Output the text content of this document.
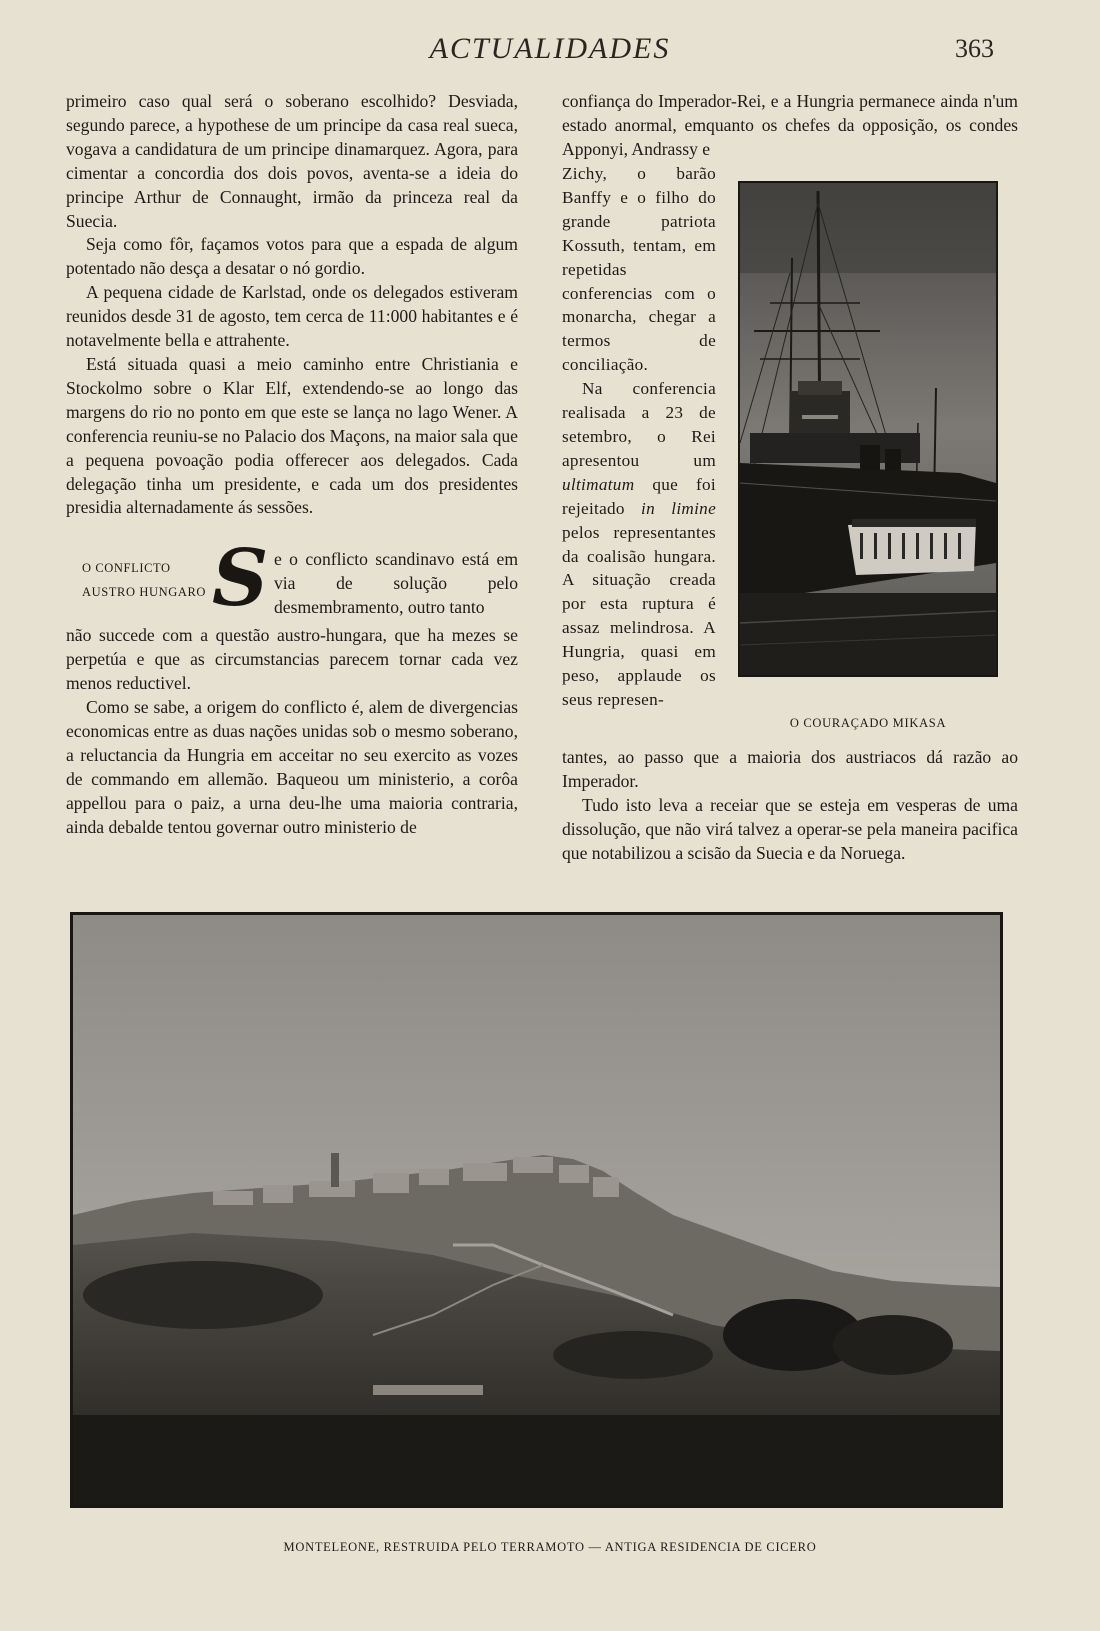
ACTUALIDADES	363

primeiro caso qual será o soberano escolhido? Desviada, segundo parece, a hypothese de um principe da casa real sueca, vogava a candidatura de um principe dinamarquez. Agora, para cimentar a concordia dos dois povos, aventa-se a ideia do principe Arthur de Connaught, irmão da princeza real da Suecia.

Seja como fôr, façamos votos para que a espada de algum potentado não desça a desatar o nó gordio.

A pequena cidade de Karlstad, onde os delegados estiveram reunidos desde 31 de agosto, tem cerca de 11:000 habitantes e é notavelmente bella e attrahente.

Está situada quasi a meio caminho entre Christiania e Stockolmo sobre o Klar Elf, extendendo-se ao longo das margens do rio no ponto em que este se lança no lago Wener. A conferencia reuniu-se no Palacio dos Maçons, na maior sala que a pequena povoação podia offerecer aos delegados. Cada delegação tinha um presidente, e cada um dos presidentes presidia alternadamente ás sessões.

O CONFLICTO AUSTRO HUNGARO S e o conflicto scandinavo está em via de solução pelo desmembramento, outro tanto

não succede com a questão austro-hungara, que ha mezes se perpetúa e que as circumstancias parecem tornar cada vez menos reductivel.

Como se sabe, a origem do conflicto é, alem de divergencias economicas entre as duas nações unidas sob o mesmo soberano, a reluctancia da Hungria em acceitar no seu exercito as vozes de commando em allemão. Baqueou um ministerio, a corôa appellou para o paiz, a urna deu-lhe uma maioria contraria, ainda debalde tentou governar outro ministerio de

confiança do Imperador-Rei, e a Hungria permanece ainda n'um estado anormal, emquanto os chefes da opposição, os condes Apponyi, Andrassy e

Zichy, o barão Banffy e o filho do grande patriota Kossuth, tentam, em repetidas conferencias com o monarcha, chegar a termos de conciliação.

Na conferencia realisada a 23 de setembro, o Rei apresentou um ultimatum que foi rejeitado in limine pelos representantes da coalisão hungara. A situação creada por esta ruptura é assaz melindrosa. A Hungria, quasi em peso, applaude os seus represen-

tantes, ao passo que a maioria dos austriacos dá razão ao Imperador.

Tudo isto leva a receiar que se esteja em vesperas de uma dissolução, que não virá talvez a operar-se pela maneira pacifica que notabilizou a scisão da Suecia e da Noruega.

O COURAÇADO MIKASA
MONTELEONE, RESTRUIDA PELO TERRAMOTO — ANTIGA RESIDENCIA DE CICERO
